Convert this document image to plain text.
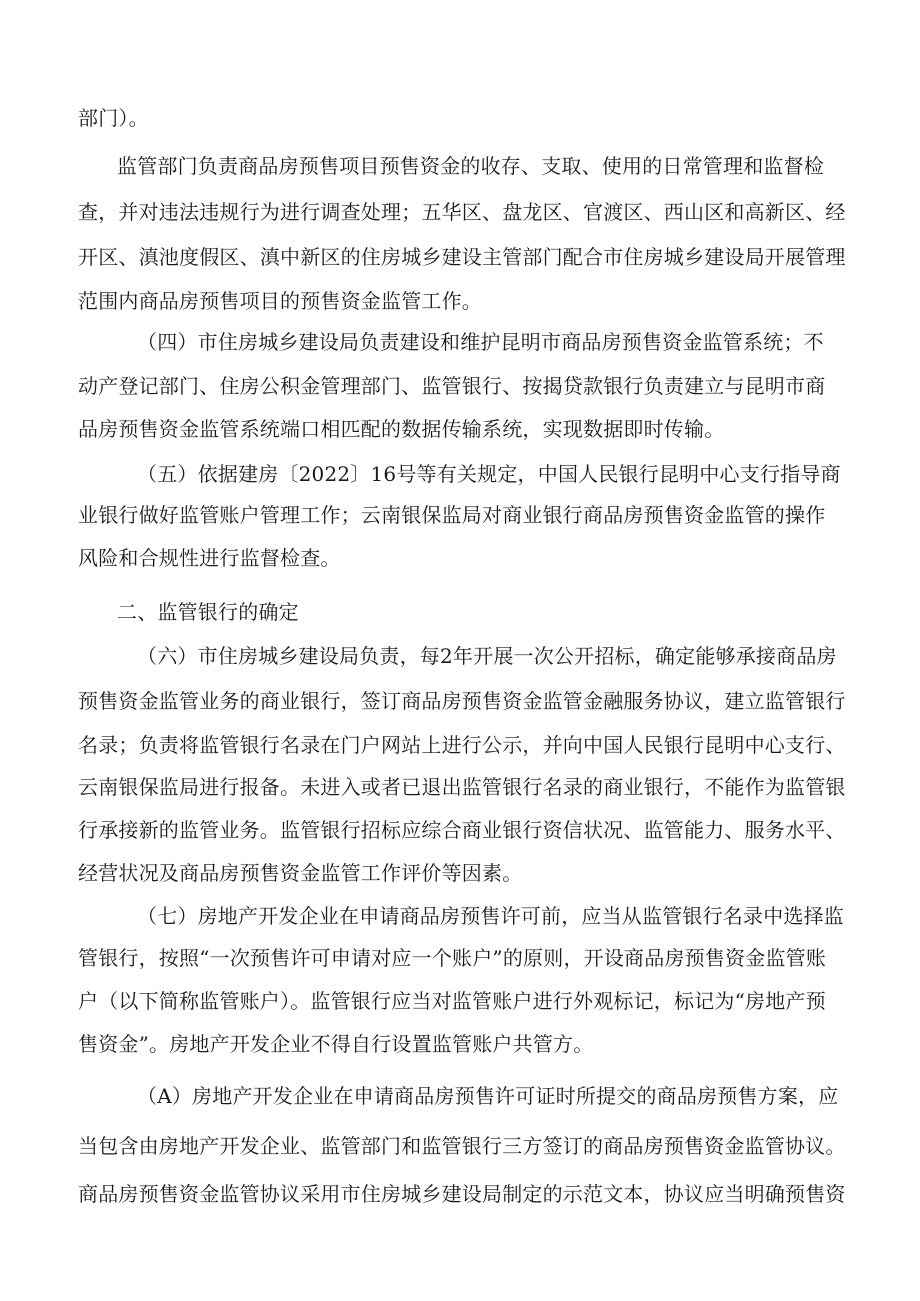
部门）。
监管部门负责商品房预售项目预售资金的收存、支取、使用的日常管理和监督检
查，并对违法违规行为进行调查处理；五华区、盘龙区、官渡区、西山区和高新区、经
开区、滇池度假区、滇中新区的住房城乡建设主管部门配合市住房城乡建设局开展管理
范围内商品房预售项目的预售资金监管工作。
（四）市住房城乡建设局负责建设和维护昆明市商品房预售资金监管系统；不
动产登记部门、住房公积金管理部门、监管银行、按揭贷款银行负责建立与昆明市商
品房预售资金监管系统端口相匹配的数据传输系统，实现数据即时传输。
（五）依据建房〔2022〕16号等有关规定，中国人民银行昆明中心支行指导商
业银行做好监管账户管理工作；云南银保监局对商业银行商品房预售资金监管的操作
风险和合规性进行监督检查。
二、监管银行的确定
（六）市住房城乡建设局负责，每2年开展一次公开招标，确定能够承接商品房
预售资金监管业务的商业银行，签订商品房预售资金监管金融服务协议，建立监管银行
名录；负责将监管银行名录在门户网站上进行公示，并向中国人民银行昆明中心支行、
云南银保监局进行报备。未进入或者已退出监管银行名录的商业银行，不能作为监管银
行承接新的监管业务。监管银行招标应综合商业银行资信状况、监管能力、服务水平、
经营状况及商品房预售资金监管工作评价等因素。
（七）房地产开发企业在申请商品房预售许可前，应当从监管银行名录中选择监
管银行，按照“一次预售许可申请对应一个账户”的原则，开设商品房预售资金监管账
户（以下简称监管账户）。监管银行应当对监管账户进行外观标记，标记为“房地产预
售资金”。房地产开发企业不得自行设置监管账户共管方。
（A）房地产开发企业在申请商品房预售许可证时所提交的商品房预售方案，应
当包含由房地产开发企业、监管部门和监管银行三方签订的商品房预售资金监管协议。
商品房预售资金监管协议采用市住房城乡建设局制定的示范文本，协议应当明确预售资
